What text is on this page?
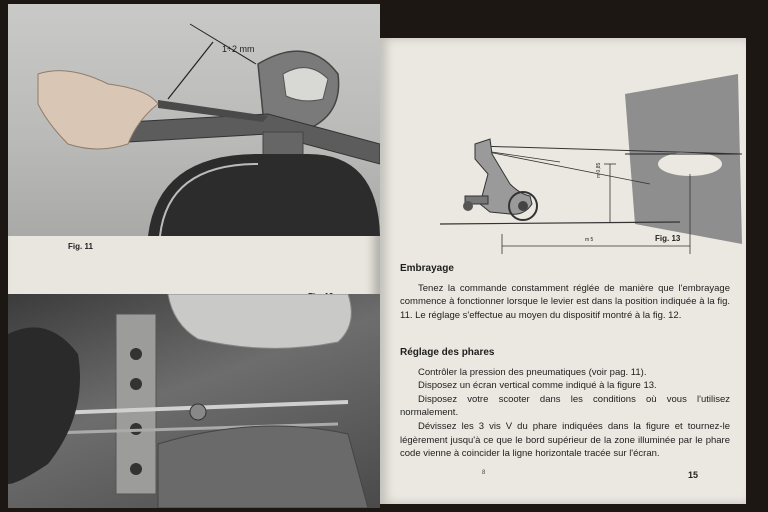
1÷2 mm
Fig. 11
m 0,85
m 5	Fig. 13

Embrayage

Tenez la commande constamment réglée de manière que l'embrayage commence à fonctionner lorsque le levier est dans la position indiquée à la fig. 11. Le réglage s'effectue au moyen du dispositif montré à la fig. 12.

Réglage des phares

Contrôler la pression des pneumatiques (voir pag. 11).

Disposez un écran vertical comme indiqué à la figure 13.

Disposez votre scooter dans les conditions où vous l'utilisez normalement.

Dévissez les 3 vis V du phare indiquées dans la figure et tournez-le légèrement jusqu'à ce que le bord supérieur de la zone illuminée par le phare code vienne à coincider la ligne horizontale tracée sur l'écran.

8	15
